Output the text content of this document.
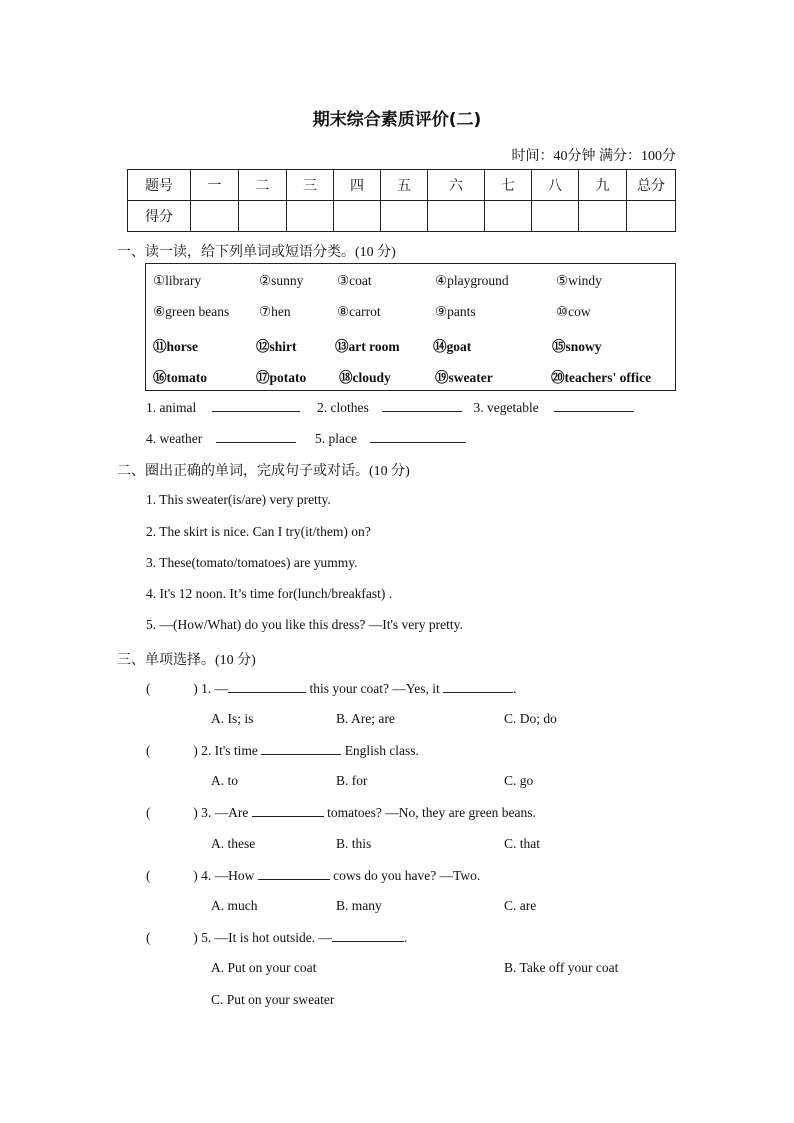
期末综合素质评价(二)
时间：40分钟 满分：100分
题号	一	二	三	四	五	六	七	八	九	总分
得分										
一、读一读，给下列单词或短语分类。(10 分)
①library	②sunny ③coat	④playground	⑤windy
⑥green beans ⑦hen	⑧carrot	⑨pants	⑩cow
⑪horse	⑫shirt	⑬art room ⑭goat	⑮snowy
⑯tomato	⑰potato ⑱cloudy	⑲sweater	⑳teachers' office
1. animal	2. clothes	3. vegetable
4. weather	5. place
二、圈出正确的单词，完成句子或对话。(10 分)
1. This sweater(is/are) very pretty.
2. The skirt is nice. Can I try(it/them) on?
3. These(tomato/tomatoes) are yummy.
4. It's 12 noon. It’s time for(lunch/breakfast) .
5. —(How/What) do you like this dress? —It's very pretty.
三、单项选择。(10 分)
(	) 1. —	this your coat? —Yes, it	.
A. Is; is	B. Are; are	C. Do; do
(	) 2. It's time	English class.
A. to	B. for	C. go
(	) 3. —Are	tomatoes? —No, they are green beans.
A. these	B. this	C. that
(	) 4. —How	cows do you have? —Two.
A. much	B. many	C. are
(	) 5. —It is hot outside. —	.
A. Put on your coat	B. Take off your coat
C. Put on your sweater
